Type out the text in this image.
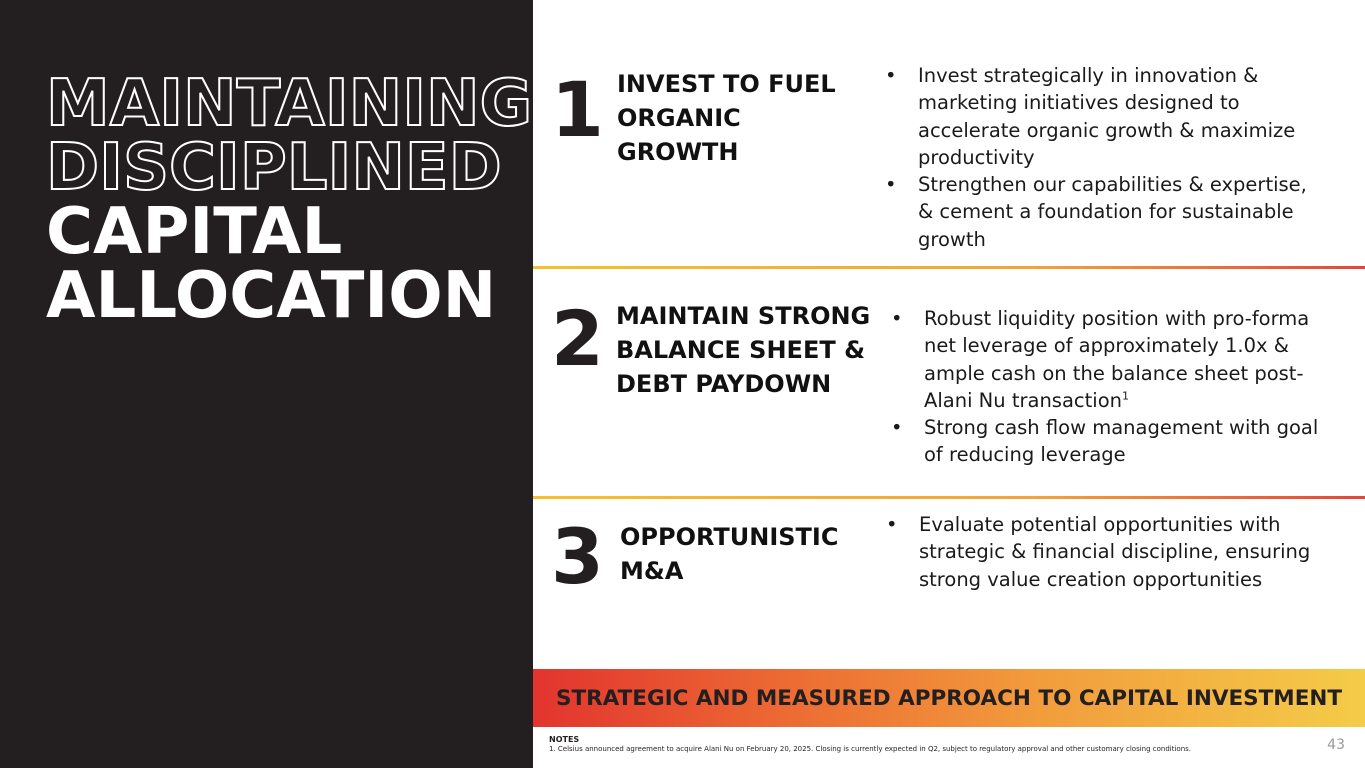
MAINTAINING
DISCIPLINED
CAPITAL
ALLOCATION
1 INVEST TO FUEL
ORGANIC
GROWTH
• Invest strategically in innovation & marketing initiatives designed to accelerate organic growth & maximize productivity
• Strengthen our capabilities & expertise, & cement a foundation for sustainable growth
2 MAINTAIN STRONG
BALANCE SHEET &
DEBT PAYDOWN
• Robust liquidity position with pro-forma net leverage of approximately 1.0x & ample cash on the balance sheet post-Alani Nu transaction$^1$
• Strong cash flow management with goal of reducing leverage
3 OPPORTUNISTIC
M&A
• Evaluate potential opportunities with strategic & financial discipline, ensuring strong value creation opportunities
STRATEGIC AND MEASURED APPROACH TO CAPITAL INVESTMENT
NOTES
1. Celsius announced agreement to acquire Alani Nu on February 20, 2025. Closing is currently expected in Q2, subject to regulatory approval and other customary closing conditions.	43
